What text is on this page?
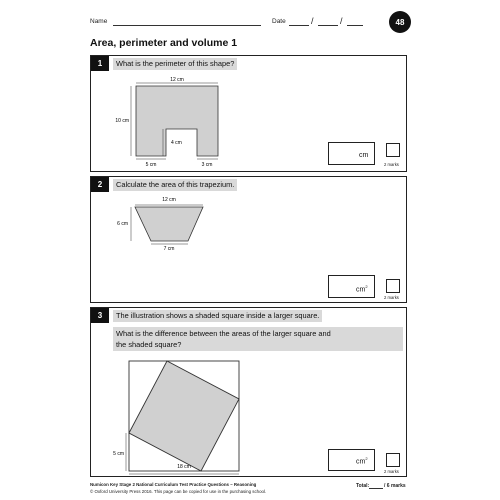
Name	Date	/	/	48
Area, perimeter and volume 1
1	What is the perimeter of this shape?
12 cm
10 cm
4 cm
5 cm	3 cm
cm
2 marks
2	Calculate the area of this trapezium.
12 cm
6 cm
7 cm
$cm^2$
2 marks
3	The illustration shows a shaded square inside a larger square.
What is the difference between the areas of the larger square and
the shaded square?
5 cm
18 cm
$cm^2$
2 marks
Numicon Key Stage 2 National Curriculum Test Practice Questions – Reasoning
© Oxford University Press 2016. This page can be copied for use in the purchasing school.
Total:	/ 6 marks
